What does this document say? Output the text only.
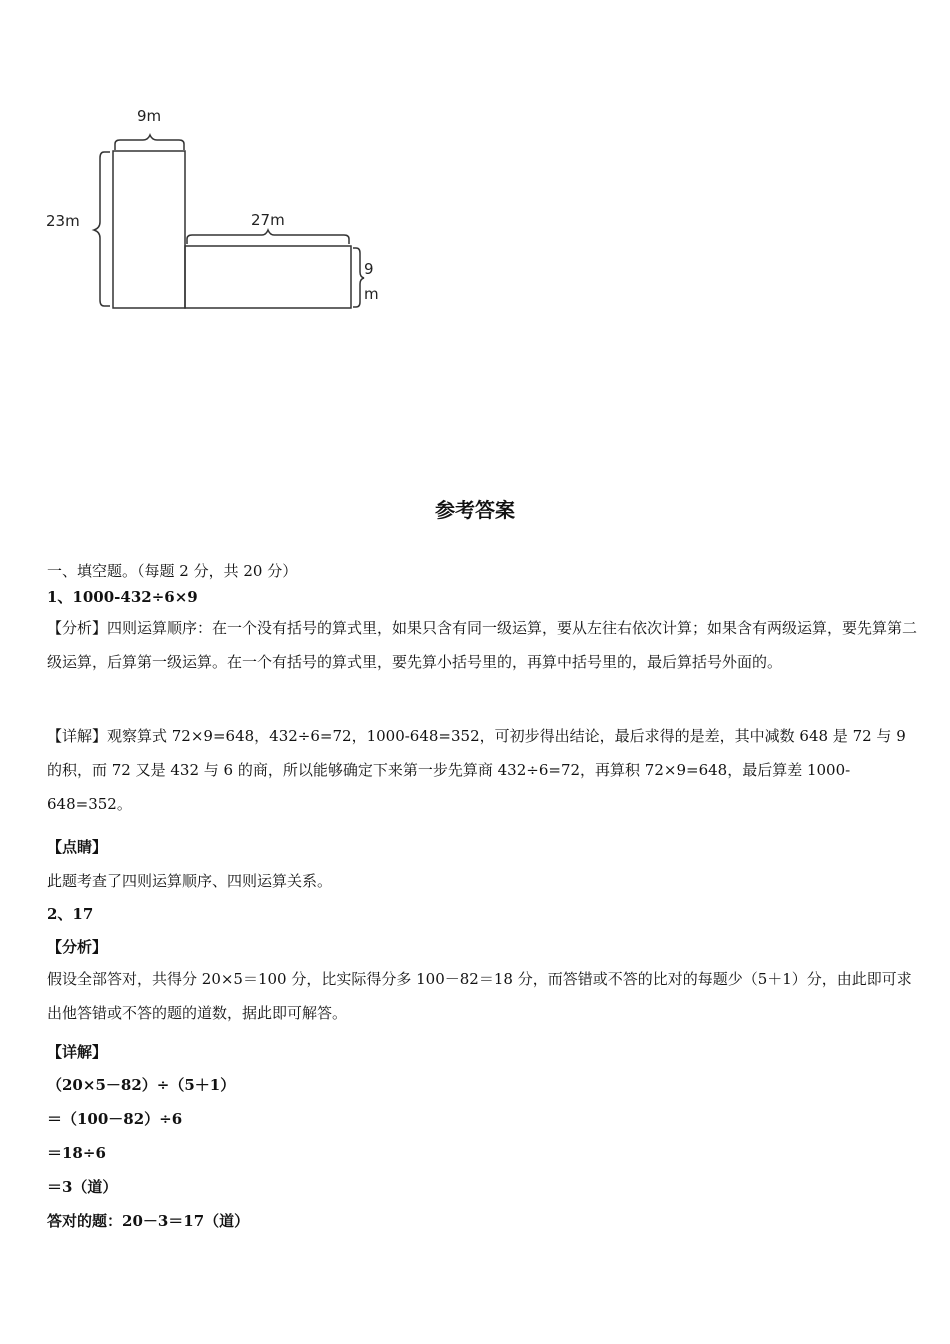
9m
23m	27m
9
m
参考答案
一、填空题。（每题 2 分，共 20 分）
1、1000-432÷6×9
【分析】四则运算顺序：在一个没有括号的算式里，如果只含有同一级运算，要从左往右依次计算；如果含有两级运算，要先算第二级运算，后算第一级运算。在一个有括号的算式里，要先算小括号里的，再算中括号里的，最后算括号外面的。
【详解】观察算式 72×9=648，432÷6=72，1000-648=352，可初步得出结论，最后求得的是差，其中减数 648 是 72 与 9 的积，而 72 又是 432 与 6 的商，所以能够确定下来第一步先算商 432÷6=72，再算积 72×9=648，最后算差 1000-648=352。
【点睛】
此题考查了四则运算顺序、四则运算关系。
2、17
【分析】
假设全部答对，共得分 20×5＝100 分，比实际得分多 100－82＝18 分，而答错或不答的比对的每题少（5＋1）分，由此即可求出他答错或不答的题的道数，据此即可解答。
【详解】
（20×5－82）÷（5＋1）
＝（100－82）÷6
＝18÷6
＝3（道）
答对的题：20－3＝17（道）
